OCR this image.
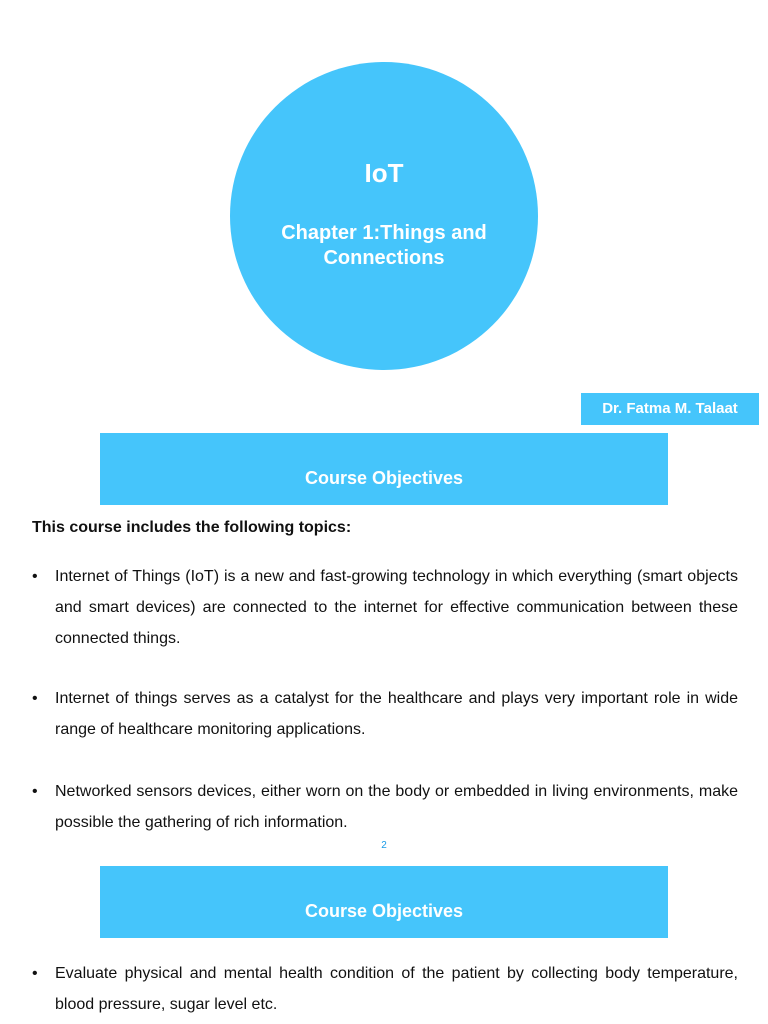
IoT
Chapter 1:Things and Connections
Dr. Fatma M. Talaat
Course Objectives
This course includes the following topics:
•	Internet of Things (IoT) is a new and fast-growing technology in which everything (smart objects and smart devices) are connected to the internet for effective communication between these connected things.
•	Internet of things serves as a catalyst for the healthcare and plays very important role in wide range of healthcare monitoring applications.
•	Networked sensors devices, either worn on the body or embedded in living environments, make possible the gathering of rich information.
2
Course Objectives
•	Evaluate physical and mental health condition of the patient by collecting body temperature, blood pressure, sugar level etc.
